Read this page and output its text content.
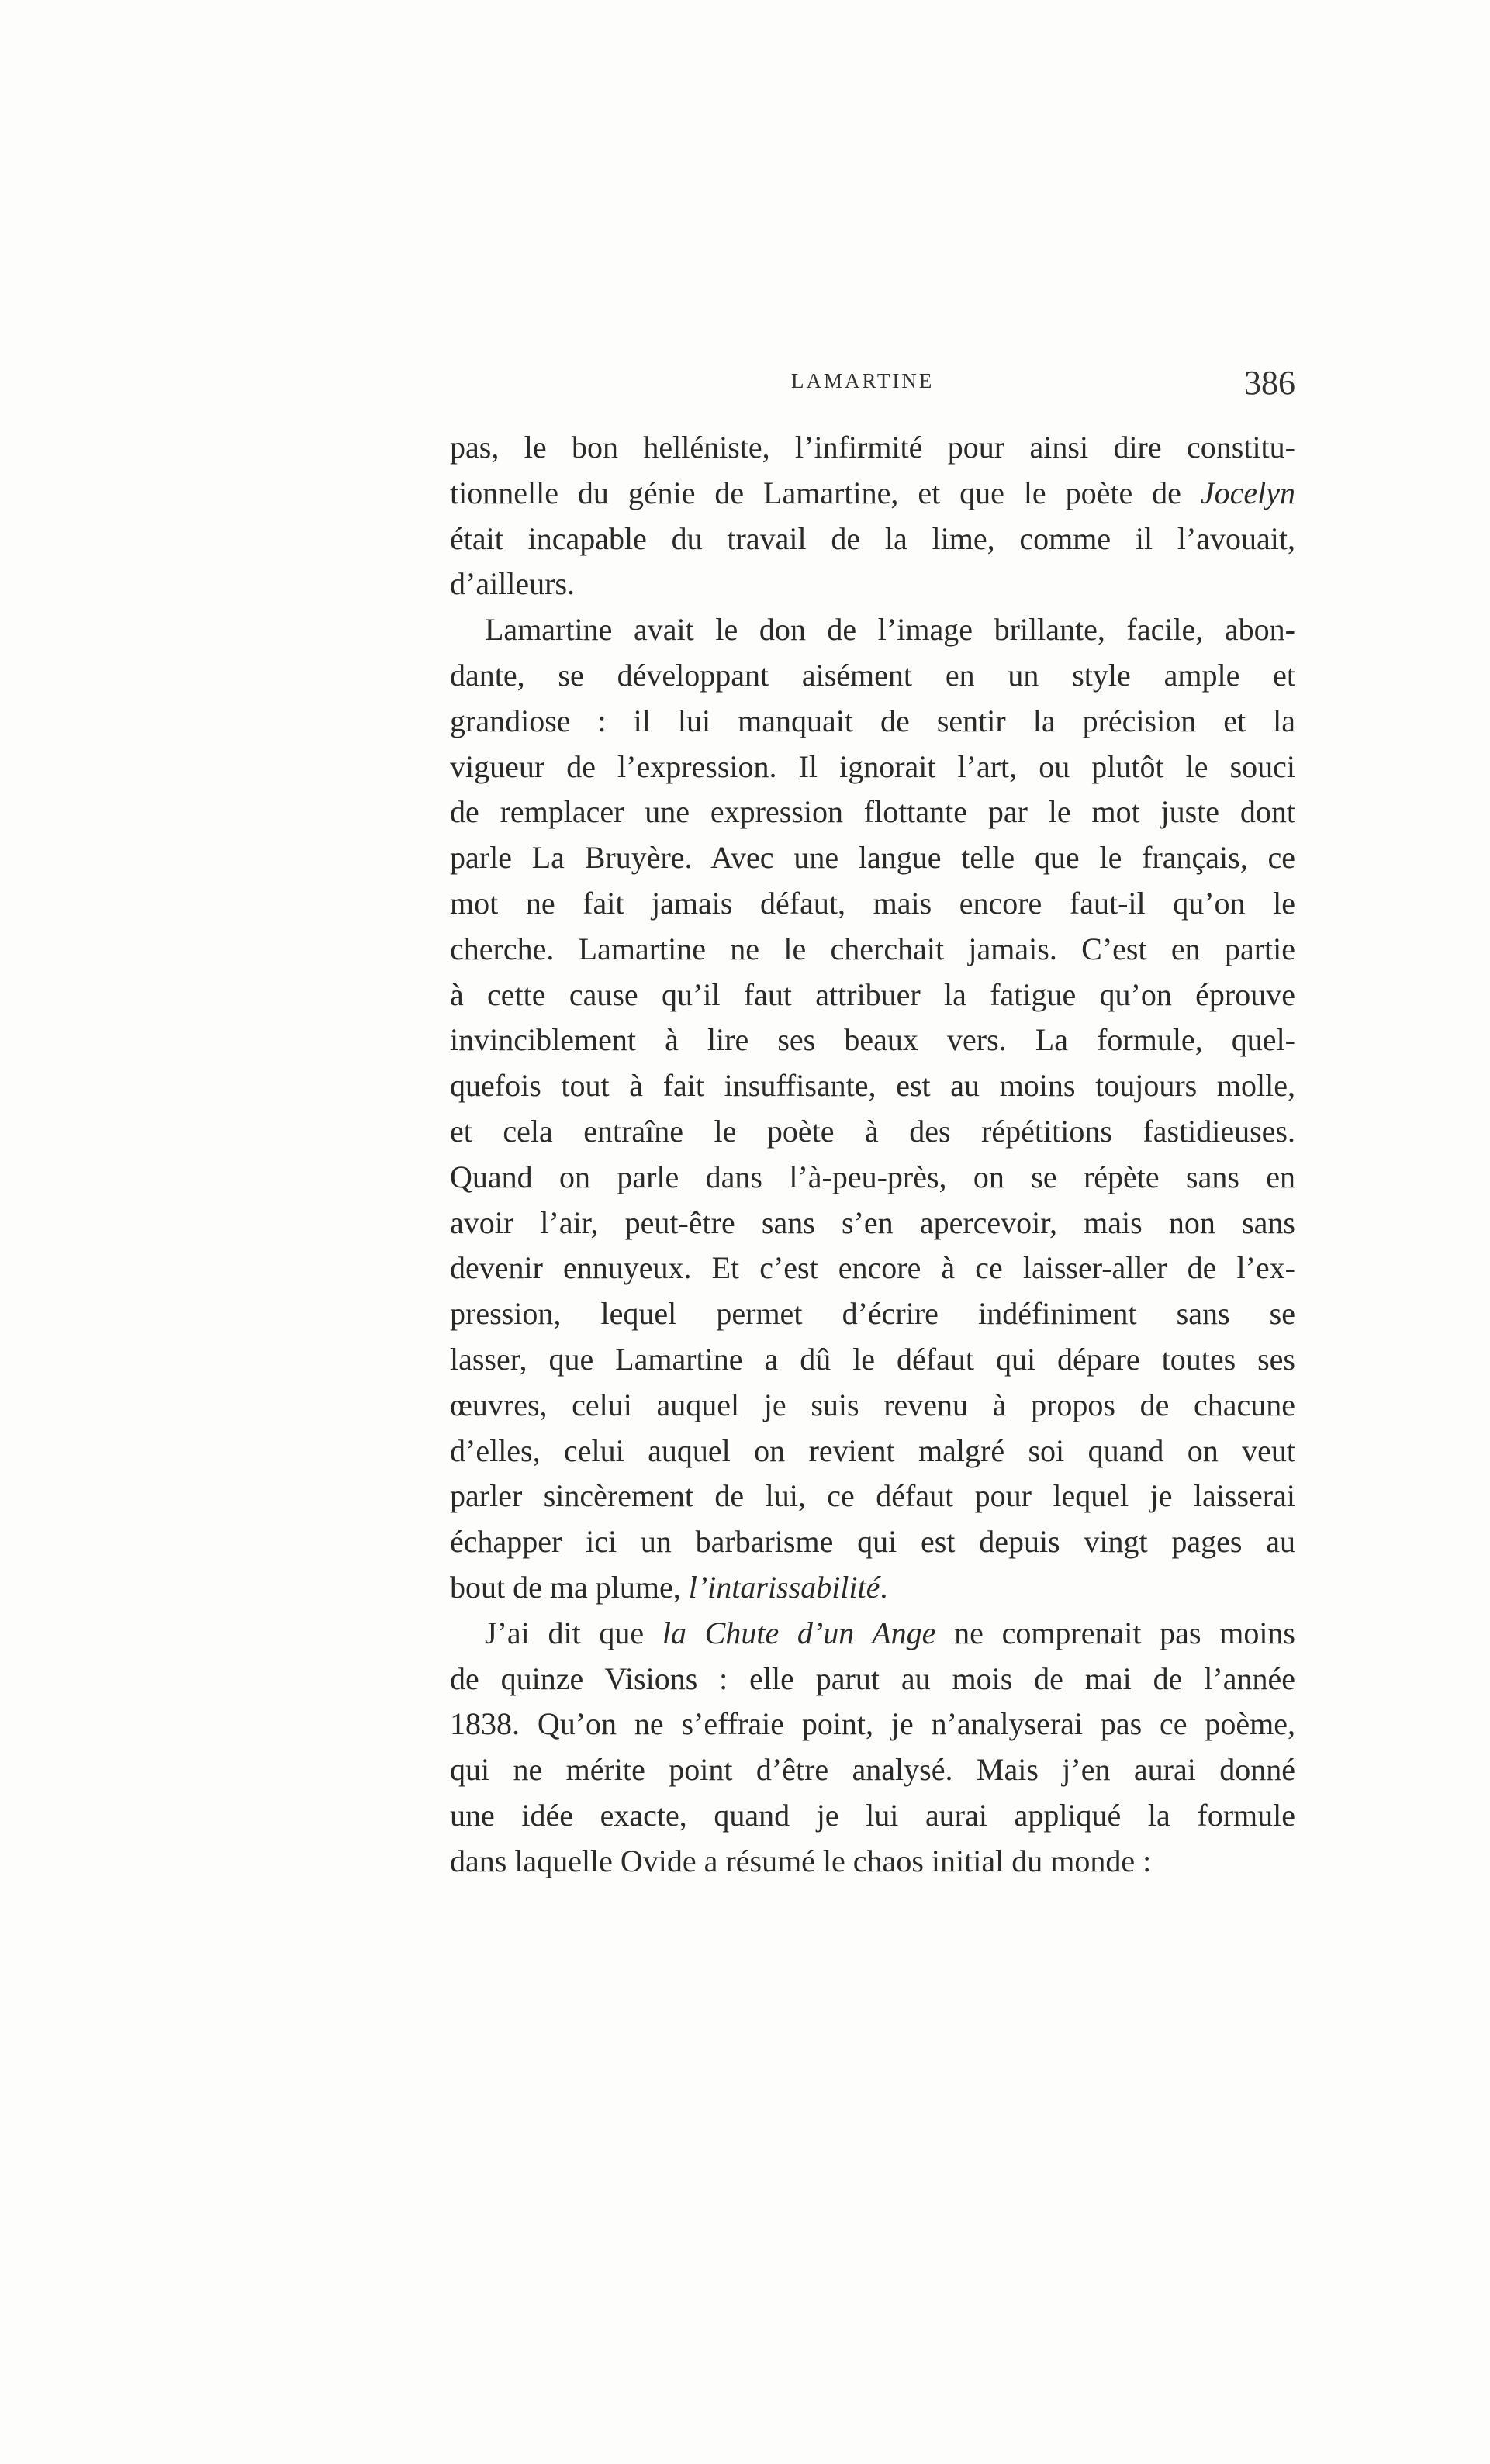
LAMARTINE	386
pas, le bon helléniste, l’infirmité pour ainsi dire constitu-
tionnelle du génie de Lamartine, et que le poète de Jocelyn
était incapable du travail de la lime, comme il l’avouait,
d’ailleurs.
Lamartine avait le don de l’image brillante, facile, abon-
dante, se développant aisément en un style ample et
grandiose : il lui manquait de sentir la précision et la
vigueur de l’expression. Il ignorait l’art, ou plutôt le souci
de remplacer une expression flottante par le mot juste dont
parle La Bruyère. Avec une langue telle que le français, ce
mot ne fait jamais défaut, mais encore faut-il qu’on le
cherche. Lamartine ne le cherchait jamais. C’est en partie
à cette cause qu’il faut attribuer la fatigue qu’on éprouve
invinciblement à lire ses beaux vers. La formule, quel-
quefois tout à fait insuffisante, est au moins toujours molle,
et cela entraîne le poète à des répétitions fastidieuses.
Quand on parle dans l’à-peu-près, on se répète sans en
avoir l’air, peut-être sans s’en apercevoir, mais non sans
devenir ennuyeux. Et c’est encore à ce laisser-aller de l’ex-
pression, lequel permet d’écrire indéfiniment sans se
lasser, que Lamartine a dû le défaut qui dépare toutes ses
œuvres, celui auquel je suis revenu à propos de chacune
d’elles, celui auquel on revient malgré soi quand on veut
parler sincèrement de lui, ce défaut pour lequel je laisserai
échapper ici un barbarisme qui est depuis vingt pages au
bout de ma plume, l’intarissabilité.
J’ai dit que la Chute d’un Ange ne comprenait pas moins
de quinze Visions : elle parut au mois de mai de l’année
1838. Qu’on ne s’effraie point, je n’analyserai pas ce poème,
qui ne mérite point d’être analysé. Mais j’en aurai donné
une idée exacte, quand je lui aurai appliqué la formule
dans laquelle Ovide a résumé le chaos initial du monde :
